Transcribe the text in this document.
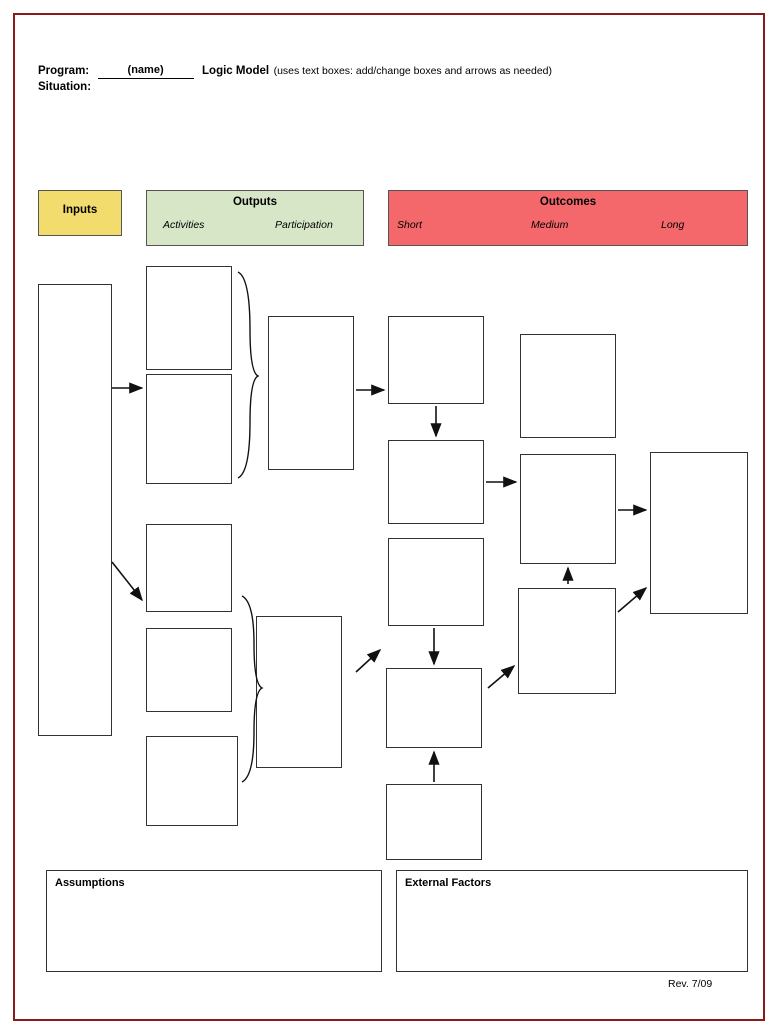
Program:	(name)	Logic Model (uses text boxes: add/change boxes and arrows as needed)
Situation:
Inputs
Outputs
Activities	Participation
Outcomes
Short	Medium	Long
Assumptions	External Factors
Rev. 7/09
